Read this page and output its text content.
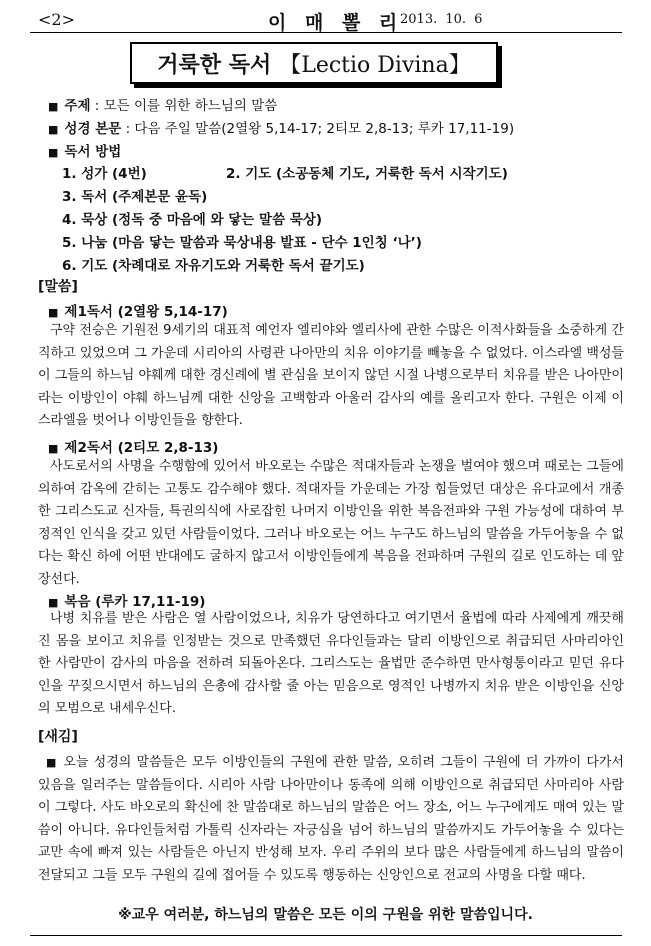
<2>	이 매 뽈 리
2013. 10. 6
거룩한 독서 【Lectio Divina】
■ 주제 : 모든 이를 위한 하느님의 말씀
■ 성경 본문 : 다음 주일 말씀(2열왕 5,14-17; 2티모 2,8-13; 루카 17,11-19)
■ 독서 방법
1. 성가 (4번)	2. 기도 (소공동체 기도, 거룩한 독서 시작기도)
3. 독서 (주제본문 윤독)
4. 묵상 (정독 중 마음에 와 닿는 말씀 묵상)
5. 나눔 (마음 닿는 말씀과 묵상내용 발표 - 단수 1인칭 ‘나’)
6. 기도 (차례대로 자유기도와 거룩한 독서 끝기도)
[말씀]
■ 제1독서 (2열왕 5,14-17)
구약 전승은 기원전 9세기의 대표적 예언자 엘리야와 엘리사에 관한 수많은 이적사화들을 소중하게 간직하고 있었으며 그 가운데 시리아의 사령관 나아만의 치유 이야기를 빼놓을 수 없었다. 이스라엘 백성들이 그들의 하느님 야훼께 대한 경신례에 별 관심을 보이지 않던 시절 나병으로부터 치유를 받은 나아만이라는 이방인이 야훼 하느님께 대한 신앙을 고백함과 아울러 감사의 예를 올리고자 한다. 구원은 이제 이스라엘을 벗어나 이방인들을 향한다.
■ 제2독서 (2티모 2,8-13)
사도로서의 사명을 수행함에 있어서 바오로는 수많은 적대자들과 논쟁을 벌여야 했으며 때로는 그들에 의하여 감옥에 갇히는 고통도 감수해야 했다. 적대자들 가운데는 가장 힘들었던 대상은 유다교에서 개종한 그리스도교 신자들, 특권의식에 사로잡힌 나머지 이방인을 위한 복음전파와 구원 가능성에 대하여 부정적인 인식을 갖고 있던 사람들이었다. 그러나 바오로는 어느 누구도 하느님의 말씀을 가두어놓을 수 없다는 확신 하에 어떤 반대에도 굴하지 않고서 이방인들에게 복음을 전파하며 구원의 길로 인도하는 데 앞장선다.
■ 복음 (루카 17,11-19)
나병 치유를 받은 사람은 열 사람이었으나, 치유가 당연하다고 여기면서 율법에 따라 사제에게 깨끗해진 몸을 보이고 치유를 인정받는 것으로 만족했던 유다인들과는 달리 이방인으로 취급되던 사마리아인 한 사람만이 감사의 마음을 전하려 되돌아온다. 그리스도는 율법만 준수하면 만사형통이라고 믿던 유다인을 꾸짖으시면서 하느님의 은총에 감사할 줄 아는 믿음으로 영적인 나병까지 치유 받은 이방인을 신앙의 모범으로 내세우신다.
[새김]
■ 오늘 성경의 말씀들은 모두 이방인들의 구원에 관한 말씀, 오히려 그들이 구원에 더 가까이 다가서 있음을 일러주는 말씀들이다. 시리아 사람 나아만이나 동족에 의해 이방인으로 취급되던 사마리아 사람이 그렇다. 사도 바오로의 확신에 찬 말씀대로 하느님의 말씀은 어느 장소, 어느 누구에게도 매여 있는 말씀이 아니다. 유다인들처럼 가톨릭 신자라는 자긍심을 넘어 하느님의 말씀까지도 가두어놓을 수 있다는 교만 속에 빠져 있는 사람들은 아닌지 반성해 보자. 우리 주위의 보다 많은 사람들에게 하느님의 말씀이 전달되고 그들 모두 구원의 길에 접어들 수 있도록 행동하는 신앙인으로 전교의 사명을 다할 때다.
※교우 여러분, 하느님의 말씀은 모든 이의 구원을 위한 말씀입니다.
